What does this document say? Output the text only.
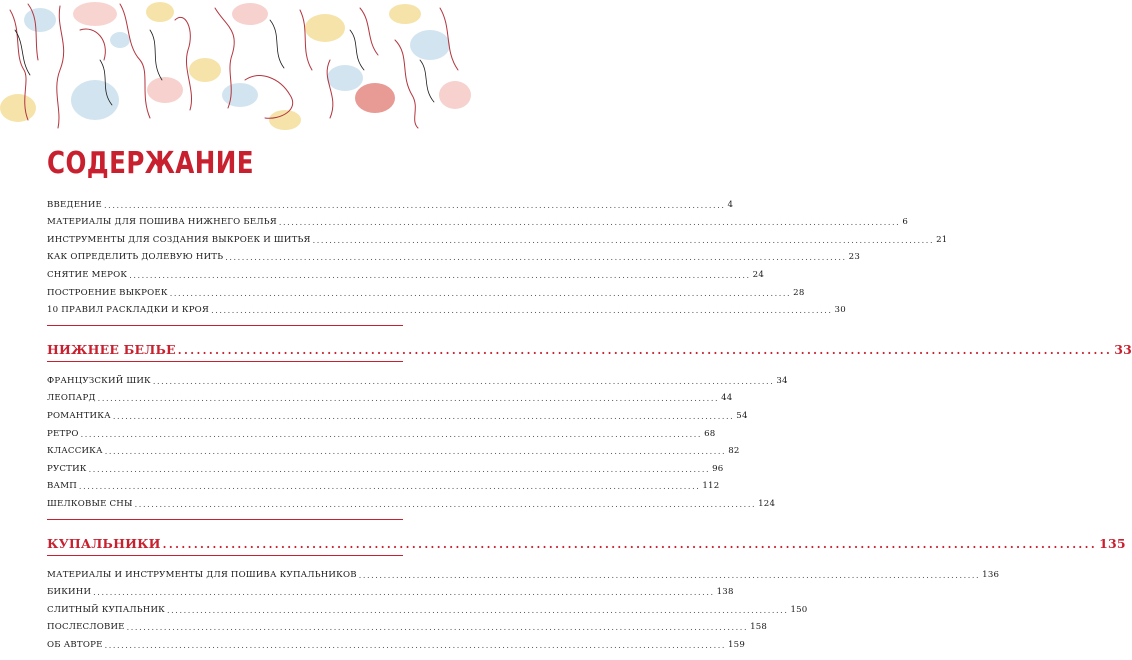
СОДЕРЖАНИЕ
ВВЕДЕНИЕ .....	4
МАТЕРИАЛЫ ДЛЯ ПОШИВА НИЖНЕГО БЕЛЬЯ .....	6
ИНСТРУМЕНТЫ ДЛЯ СОЗДАНИЯ ВЫКРОЕК И ШИТЬЯ .....	21
КАК ОПРЕДЕЛИТЬ ДОЛЕВУЮ НИТЬ .....	23
СНЯТИЕ МЕРОК .....	24
ПОСТРОЕНИЕ ВЫКРОЕК .....	28
10 ПРАВИЛ РАСКЛАДКИ И КРОЯ .....	30
НИЖНЕЕ БЕЛЬЕ .....	33
ФРАНЦУЗСКИЙ ШИК .....	34
ЛЕОПАРД .....	44
РОМАНТИКА .....	54
РЕТРО .....	68
КЛАССИКА .....	82
РУСТИК .....	96
ВАМП .....	112
ШЕЛКОВЫЕ СНЫ .....	124
КУПАЛЬНИКИ .....	135
МАТЕРИАЛЫ И ИНСТРУМЕНТЫ ДЛЯ ПОШИВА КУПАЛЬНИКОВ .....	136
БИКИНИ .....	138
СЛИТНЫЙ КУПАЛЬНИК .....	150
ПОСЛЕСЛОВИЕ .....	158
ОБ АВТОРЕ .....	159
